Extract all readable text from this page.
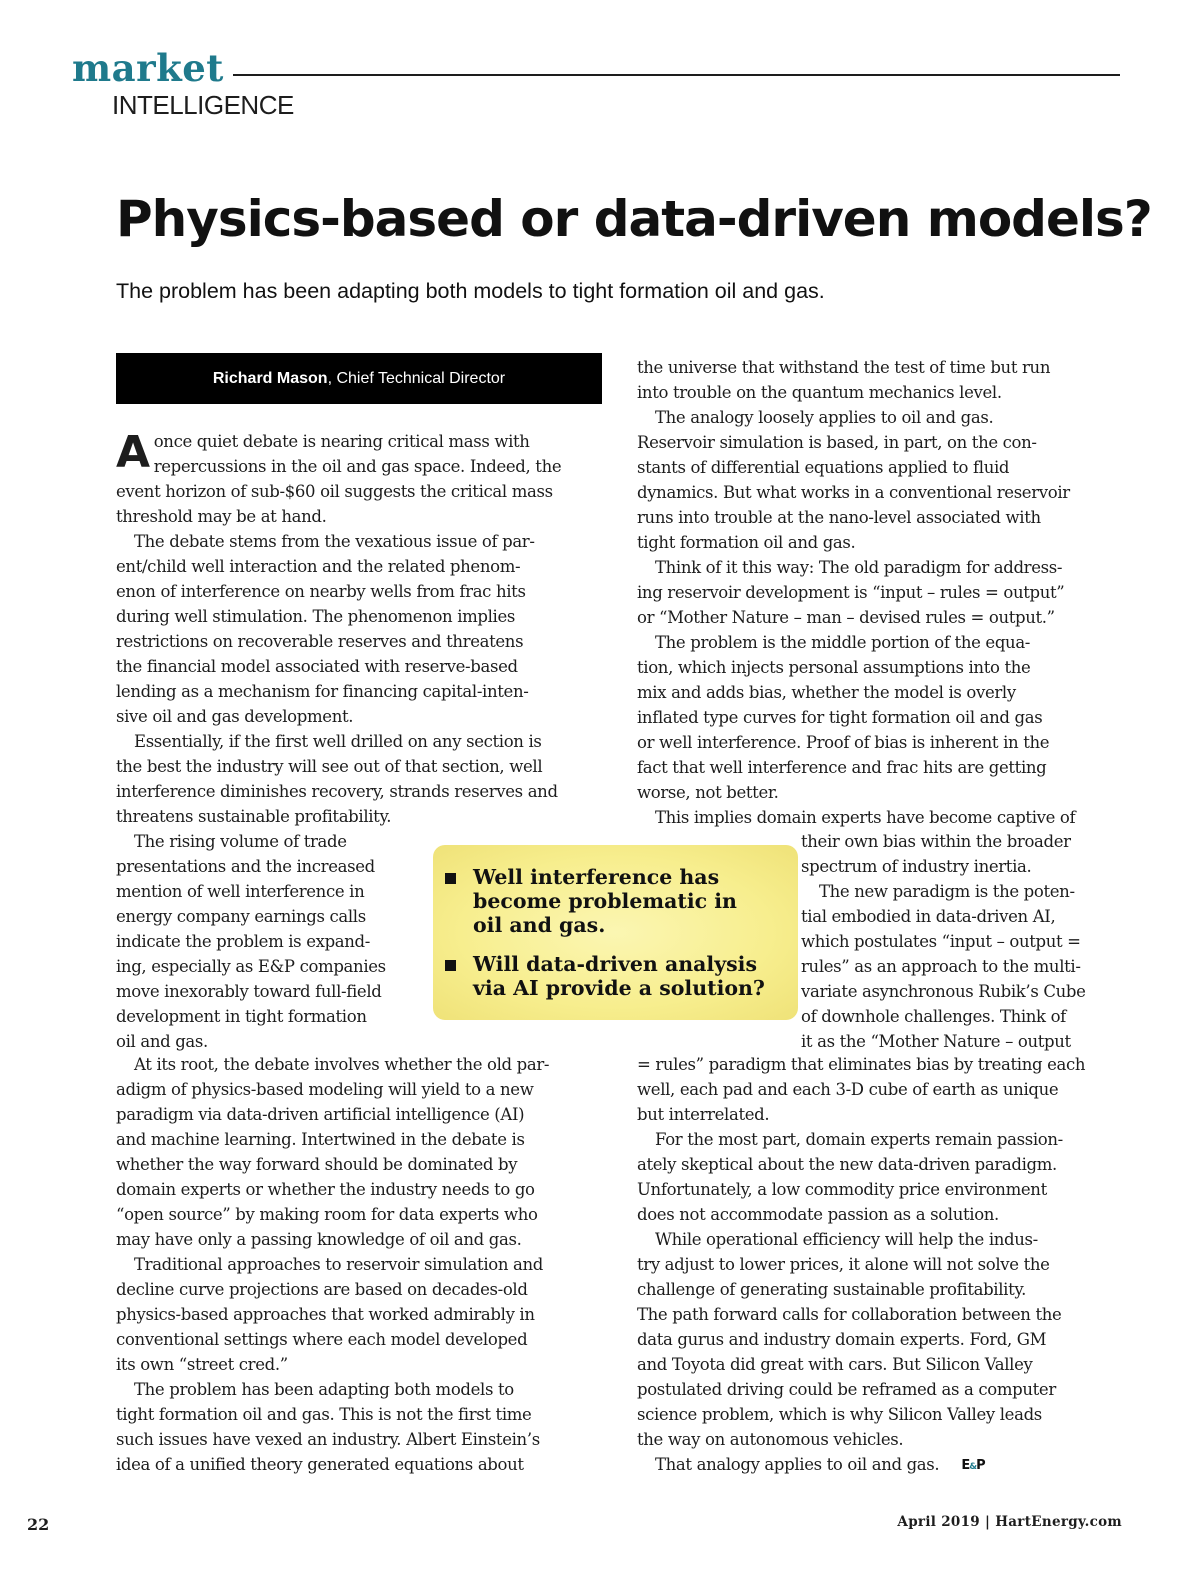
market
INTELLIGENCE
Physics-based or data-driven models?
The problem has been adapting both models to tight formation oil and gas.
Richard Mason, Chief Technical Director

A once quiet debate is nearing critical mass with
repercussions in the oil and gas space. Indeed, the
event horizon of sub-$60 oil suggests the critical mass
threshold may be at hand.

The debate stems from the vexatious issue of par-

ent/child well interaction and the related phenom-
enon of interference on nearby wells from frac hits
during well stimulation. The phenomenon implies
restrictions on recoverable reserves and threatens
the financial model associated with reserve-based
lending as a mechanism for financing capital-inten-
sive oil and gas development.

Essentially, if the first well drilled on any section is

the best the industry will see out of that section, well
interference diminishes recovery, strands reserves and
threatens sustainable profitability.

The rising volume of trade

presentations and the increased
mention of well interference in
energy company earnings calls
indicate the problem is expand-
ing, especially as E&P companies
move inexorably toward full-field
development in tight formation
oil and gas.

At its root, the debate involves whether the old par-

adigm of physics-based modeling will yield to a new
paradigm via data-driven artificial intelligence (AI)
and machine learning. Intertwined in the debate is
whether the way forward should be dominated by
domain experts or whether the industry needs to go
“open source” by making room for data experts who
may have only a passing knowledge of oil and gas.

Traditional approaches to reservoir simulation and

decline curve projections are based on decades-old
physics-based approaches that worked admirably in
conventional settings where each model developed
its own “street cred.”

The problem has been adapting both models to

tight formation oil and gas. This is not the first time
such issues have vexed an industry. Albert Einstein’s
idea of a unified theory generated equations about

the universe that withstand the test of time but run
into trouble on the quantum mechanics level.

The analogy loosely applies to oil and gas.

Reservoir simulation is based, in part, on the con-
stants of differential equations applied to fluid
dynamics. But what works in a conventional reservoir
runs into trouble at the nano-level associated with
tight formation oil and gas.

Think of it this way: The old paradigm for address-

ing reservoir development is “input – rules = output”
or “Mother Nature – man – devised rules = output.”

The problem is the middle portion of the equa-

tion, which injects personal assumptions into the
mix and adds bias, whether the model is overly
inflated type curves for tight formation oil and gas
or well interference. Proof of bias is inherent in the
fact that well interference and frac hits are getting
worse, not better.

This implies domain experts have become captive of

their own bias within the broader
spectrum of industry inertia.

The new paradigm is the poten-

tial embodied in data-driven AI,
which postulates “input – output =
rules” as an approach to the multi-
variate asynchronous Rubik’s Cube
of downhole challenges. Think of
it as the “Mother Nature – output

= rules” paradigm that eliminates bias by treating each
well, each pad and each 3-D cube of earth as unique
but interrelated.

For the most part, domain experts remain passion-

ately skeptical about the new data-driven paradigm.
Unfortunately, a low commodity price environment
does not accommodate passion as a solution.

While operational efficiency will help the indus-

try adjust to lower prices, it alone will not solve the
challenge of generating sustainable profitability.
The path forward calls for collaboration between the
data gurus and industry domain experts. Ford, GM
and Toyota did great with cars. But Silicon Valley
postulated driving could be reframed as a computer
science problem, which is why Silicon Valley leads
the way on autonomous vehicles.

That analogy applies to oil and gas. E&P

Well interference has
become problematic in
oil and gas.
Will data-driven analysis
via AI provide a solution?
22	April 2019 | HartEnergy.com
